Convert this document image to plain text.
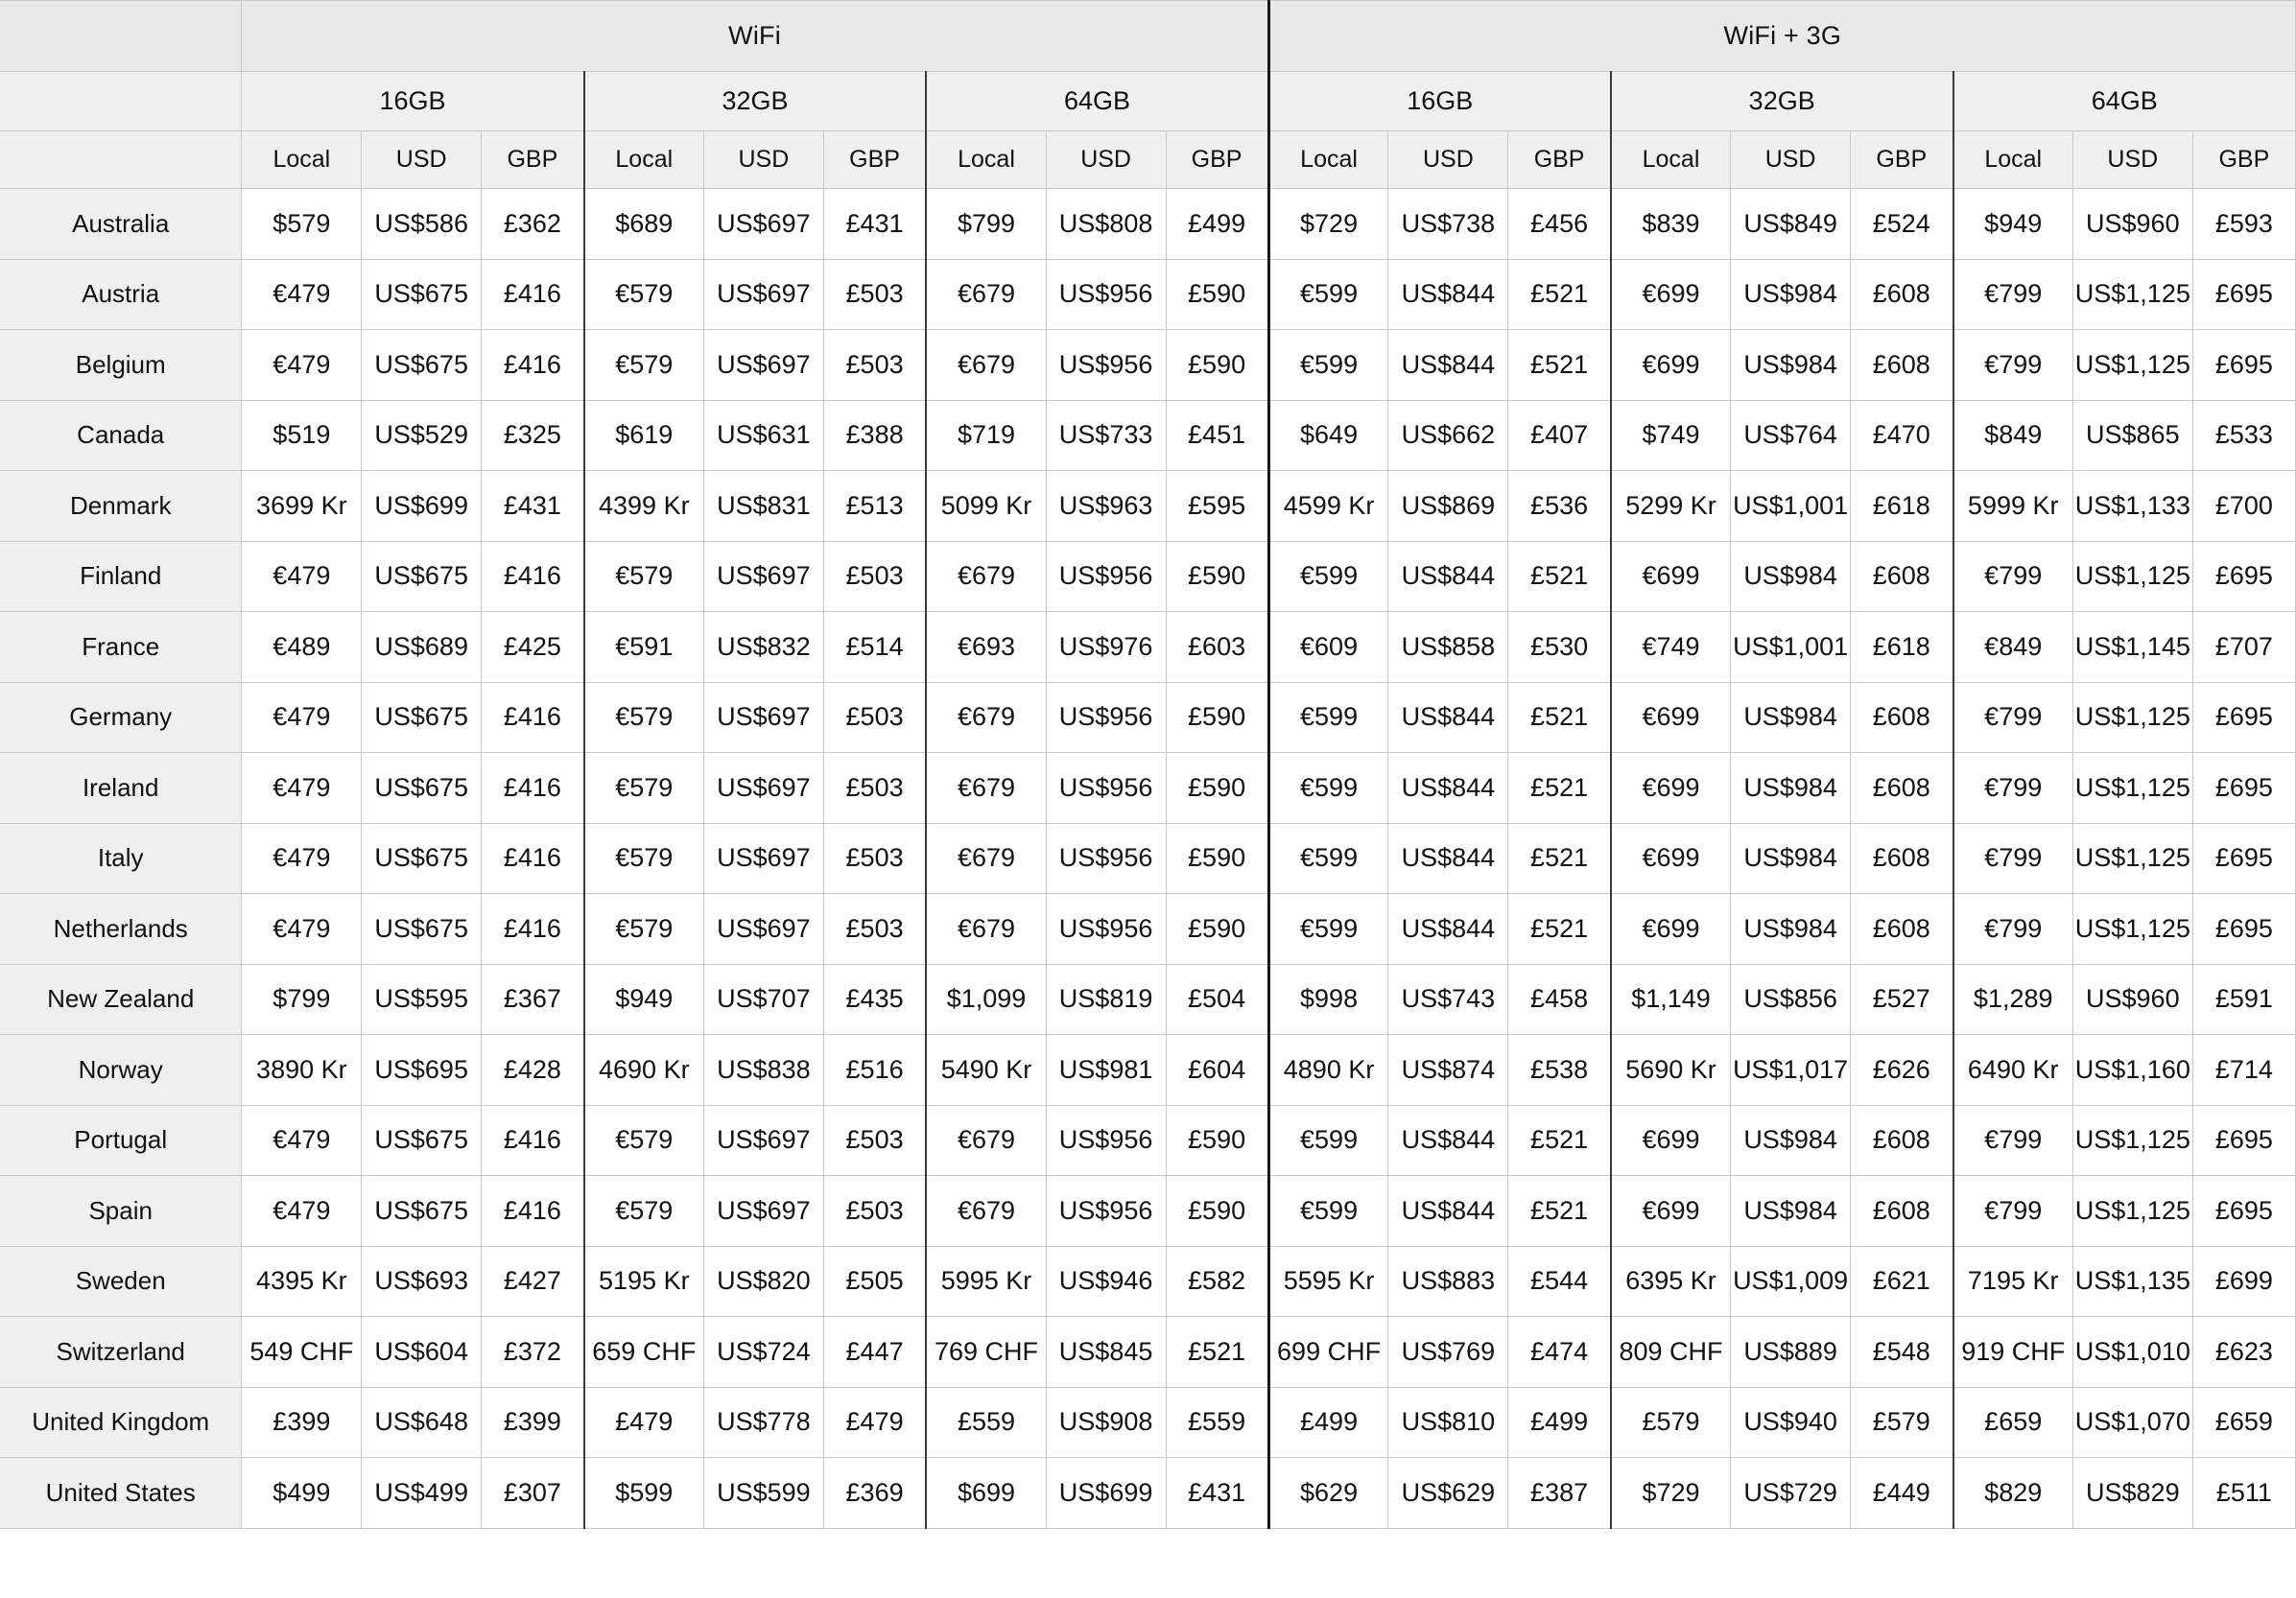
	WiFi									WiFi + 3G								
	16GB			32GB			64GB			16GB			32GB			64GB		
	Local	USD	GBP	Local	USD	GBP	Local	USD	GBP	Local	USD	GBP	Local	USD	GBP	Local	USD	GBP
Australia	$579	US$586	£362	$689	US$697	£431	$799	US$808	£499	$729	US$738	£456	$839	US$849	£524	$949	US$960	£593
Austria	€479	US$675	£416	€579	US$697	£503	€679	US$956	£590	€599	US$844	£521	€699	US$984	£608	€799	US$1,125	£695
Belgium	€479	US$675	£416	€579	US$697	£503	€679	US$956	£590	€599	US$844	£521	€699	US$984	£608	€799	US$1,125	£695
Canada	$519	US$529	£325	$619	US$631	£388	$719	US$733	£451	$649	US$662	£407	$749	US$764	£470	$849	US$865	£533
Denmark	3699 Kr	US$699	£431	4399 Kr	US$831	£513	5099 Kr	US$963	£595	4599 Kr	US$869	£536	5299 Kr	US$1,001	£618	5999 Kr	US$1,133	£700
Finland	€479	US$675	£416	€579	US$697	£503	€679	US$956	£590	€599	US$844	£521	€699	US$984	£608	€799	US$1,125	£695
France	€489	US$689	£425	€591	US$832	£514	€693	US$976	£603	€609	US$858	£530	€749	US$1,001	£618	€849	US$1,145	£707
Germany	€479	US$675	£416	€579	US$697	£503	€679	US$956	£590	€599	US$844	£521	€699	US$984	£608	€799	US$1,125	£695
Ireland	€479	US$675	£416	€579	US$697	£503	€679	US$956	£590	€599	US$844	£521	€699	US$984	£608	€799	US$1,125	£695
Italy	€479	US$675	£416	€579	US$697	£503	€679	US$956	£590	€599	US$844	£521	€699	US$984	£608	€799	US$1,125	£695
Netherlands	€479	US$675	£416	€579	US$697	£503	€679	US$956	£590	€599	US$844	£521	€699	US$984	£608	€799	US$1,125	£695
New Zealand	$799	US$595	£367	$949	US$707	£435	$1,099	US$819	£504	$998	US$743	£458	$1,149	US$856	£527	$1,289	US$960	£591
Norway	3890 Kr	US$695	£428	4690 Kr	US$838	£516	5490 Kr	US$981	£604	4890 Kr	US$874	£538	5690 Kr	US$1,017	£626	6490 Kr	US$1,160	£714
Portugal	€479	US$675	£416	€579	US$697	£503	€679	US$956	£590	€599	US$844	£521	€699	US$984	£608	€799	US$1,125	£695
Spain	€479	US$675	£416	€579	US$697	£503	€679	US$956	£590	€599	US$844	£521	€699	US$984	£608	€799	US$1,125	£695
Sweden	4395 Kr	US$693	£427	5195 Kr	US$820	£505	5995 Kr	US$946	£582	5595 Kr	US$883	£544	6395 Kr	US$1,009	£621	7195 Kr	US$1,135	£699
Switzerland	549 CHF	US$604	£372	659 CHF	US$724	£447	769 CHF	US$845	£521	699 CHF	US$769	£474	809 CHF	US$889	£548	919 CHF	US$1,010	£623
United Kingdom	£399	US$648	£399	£479	US$778	£479	£559	US$908	£559	£499	US$810	£499	£579	US$940	£579	£659	US$1,070	£659
United States	$499	US$499	£307	$599	US$599	£369	$699	US$699	£431	$629	US$629	£387	$729	US$729	£449	$829	US$829	£511
